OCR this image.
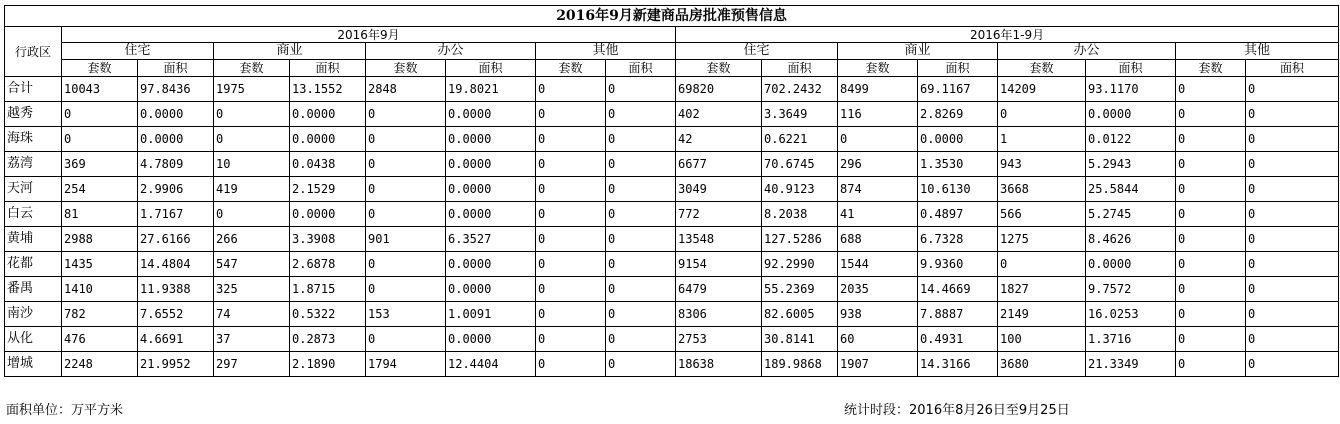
2016年9月新建商品房批准预售信息																
行政区	2016年9月								2016年1-9月							
	住宅		商业		办公		其他		住宅		商业		办公		其他	
	套数	面积	套数	面积	套数	面积	套数	面积	套数	面积	套数	面积	套数	面积	套数	面积
合计	10043	97.8436	1975	13.1552	2848	19.8021	0	0	69820	702.2432	8499	69.1167	14209	93.1170	0	0
越秀	0	0.0000	0	0.0000	0	0.0000	0	0	402	3.3649	116	2.8269	0	0.0000	0	0
海珠	0	0.0000	0	0.0000	0	0.0000	0	0	42	0.6221	0	0.0000	1	0.0122	0	0
荔湾	369	4.7809	10	0.0438	0	0.0000	0	0	6677	70.6745	296	1.3530	943	5.2943	0	0
天河	254	2.9906	419	2.1529	0	0.0000	0	0	3049	40.9123	874	10.6130	3668	25.5844	0	0
白云	81	1.7167	0	0.0000	0	0.0000	0	0	772	8.2038	41	0.4897	566	5.2745	0	0
黄埔	2988	27.6166	266	3.3908	901	6.3527	0	0	13548	127.5286	688	6.7328	1275	8.4626	0	0
花都	1435	14.4804	547	2.6878	0	0.0000	0	0	9154	92.2990	1544	9.9360	0	0.0000	0	0
番禺	1410	11.9388	325	1.8715	0	0.0000	0	0	6479	55.2369	2035	14.4669	1827	9.7572	0	0
南沙	782	7.6552	74	0.5322	153	1.0091	0	0	8306	82.6005	938	7.8887	2149	16.0253	0	0
从化	476	4.6691	37	0.2873	0	0.0000	0	0	2753	30.8141	60	0.4931	100	1.3716	0	0
增城	2248	21.9952	297	2.1890	1794	12.4404	0	0	18638	189.9868	1907	14.3166	3680	21.3349	0	0
面积单位：万平方米	统计时段：2016年8月26日至9月25日
